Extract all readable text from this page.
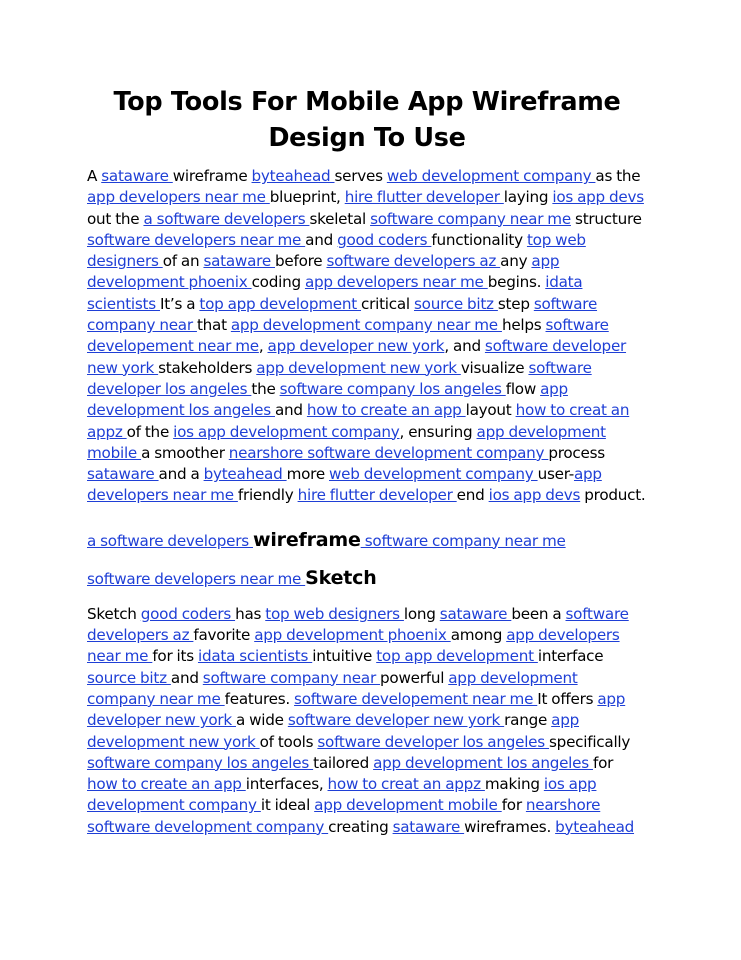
Top Tools For Mobile App Wireframe Design To Use

A sataware wireframe byteahead serves web development company as the app developers near me blueprint, hire flutter developer laying ios app devs out the a software developers skeletal software company near me structure software developers near me and good coders functionality top web designers of an sataware before software developers az any app development phoenix coding app developers near me begins. idata scientists It’s a top app development critical source bitz step software company near that app development company near me helps software developement near me, app developer new york, and software developer new york stakeholders app development new york visualize software developer los angeles the software company los angeles flow app development los angeles and how to create an app layout how to creat an appz of the ios app development company, ensuring app development mobile a smoother nearshore software development company process sataware and a byteahead more web development company user-app developers near me friendly hire flutter developer end ios app devs product.

a software developers wireframe software company near me

software developers near me Sketch

Sketch good coders has top web designers long sataware been a software developers az favorite app development phoenix among app developers near me for its idata scientists intuitive top app development interface source bitz and software company near powerful app development company near me features. software developement near me It offers app developer new york a wide software developer new york range app development new york of tools software developer los angeles specifically software company los angeles tailored app development los angeles for how to create an app interfaces, how to creat an appz making ios app development company it ideal app development mobile for nearshore software development company creating sataware wireframes. byteahead
